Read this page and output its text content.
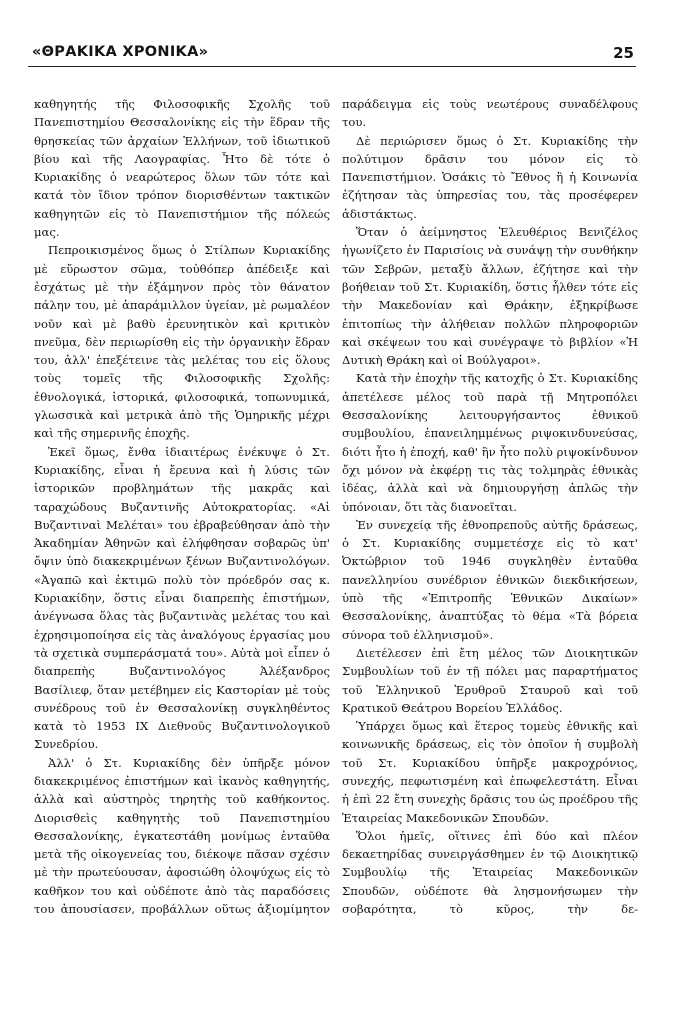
«ΘΡΑΚΙΚΑ ΧΡΟΝΙΚΑ»	25

καθηγητής τῆς Φιλοσοφικῆς Σχολῆς τοῦ Πανεπιστημίου Θεσσαλονίκης εἰς τὴν ἕδραν τῆς θρησκείας τῶν ἀρχαίων Ἑλλήνων, τοῦ ἰδιωτικοῦ βίου καὶ τῆς Λαογραφίας. Ἦτο δὲ τότε ὁ Κυριακίδης ὁ νεαρώτερος ὅλων τῶν τότε καὶ κατά τὸν ἴδιον τρόπον διορισθέντων τακτικῶν καθηγητῶν εἰς τὸ Πανεπιστήμιον τῆς πόλεώς μας.

Πεπροικισμένος ὅμως ὁ Στίλπων Κυριακίδης μὲ εὔρωστον σῶμα, τοὐθόπερ ἀπέδειξε καὶ ἐσχάτως μὲ τὴν ἐξάμηνον πρὸς τὸν θάνατον πάλην του, μὲ ἀπαράμιλλον ὑγείαν, μὲ ρωμαλέον νοῦν καὶ μὲ βαθὺ ἐρευνητικὸν καὶ κριτικὸν πνεῦμα, δὲν περιωρίσθη εἰς τὴν ὀργανικὴν ἕδραν του, ἀλλ' ἐπεξέτεινε τὰς μελέτας του εἰς ὅλους τοὺς τομεῖς τῆς Φιλοσοφικῆς Σχολῆς: ἐθνολογικά, ἱστορικά, φιλοσοφικά, τοπωνυμικά, γλωσσικὰ καὶ μετρικὰ ἀπὸ τῆς Ὁμηρικῆς μέχρι καὶ τῆς σημερινῆς ἐποχῆς.

Ἐκεῖ ὅμως, ἔνθα ἰδιαιτέρως ἐνέκυψε ὁ Στ. Κυριακίδης, εἶναι ἡ ἔρευνα καὶ ἡ λύσις τῶν ἱστορικῶν προβλημάτων τῆς μακρᾶς καὶ ταραχώδους Βυζαντινῆς Αὐτοκρατορίας. «Αἱ Βυζαντιναὶ Μελέται» του ἐβραβεύθησαν ἀπὸ τὴν Ἀκαδημίαν Ἀθηνῶν καὶ ἐλήφθησαν σοβαρῶς ὑπ' ὄψιν ὑπὸ διακεκριμένων ξένων Βυζαντινολόγων. «Ἀγαπῶ καὶ ἐκτιμῶ πολὺ τὸν πρόεδρόν σας κ. Κυριακίδην, ὅστις εἶναι διαπρεπὴς ἐπιστήμων, ἀνέγνωσα ὅλας τὰς βυζαντινὰς μελέτας του καὶ ἐχρησιμοποίησα εἰς τὰς ἀναλόγους ἐργασίας μου τὰ σχετικὰ συμπεράσματά του». Αὐτὰ μοὶ εἶπεν ὁ διαπρεπὴς Βυζαντινολόγος Ἀλέξανδρος Βασίλιεφ, ὅταν μετέβημεν εἰς Καστορίαν μὲ τοὺς συνέδρους τοῦ ἐν Θεσσαλονίκῃ συγκληθέντος κατὰ τὸ 1953 IX Διεθνοῦς Βυζαντινολογικοῦ Συνεδρίου.

Ἀλλ' ὁ Στ. Κυριακίδης δὲν ὑπῆρξε μόνον διακεκριμένος ἐπιστήμων καὶ ἱκανὸς καθηγητής, ἀλλὰ καὶ αὐστηρὸς τηρητὴς τοῦ καθήκοντος. Διορισθεὶς καθηγητὴς τοῦ Πανεπιστημίου Θεσσαλονίκης, ἐγκατεστάθη μονίμως ἐνταῦθα μετὰ τῆς οἰκογενείας του, διέκοψε πᾶσαν σχέσιν μὲ τὴν πρωτεύουσαν, ἀφοσιώθη ὁλοψύχως εἰς τὸ καθῆκον του καὶ οὐδέποτε ἀπὸ τὰς παραδόσεις του ἀπουσίασεν, προβάλλων οὕτως ἀξιομίμητον

παράδειγμα εἰς τοὺς νεωτέρους συναδέλφους του.

Δὲ περιώρισεν ὅμως ὁ Στ. Κυριακίδης τὴν πολύτιμον δρᾶσιν του μόνον εἰς τὸ Πανεπιστήμιον. Ὁσάκις τὸ Ἔθνος ἢ ἡ Κοινωνία ἐζήτησαν τὰς ὑπηρεσίας του, τὰς προσέφερεν ἀδιστάκτως.

Ὅταν ὁ ἀείμνηστος Ἐλευθέριος Βενιζέλος ἠγωνίζετο ἐν Παρισίοις νὰ συνάψῃ τὴν συνθήκην τῶν Σεβρῶν, μεταξὺ ἄλλων, ἐζήτησε καὶ τὴν βοήθειαν τοῦ Στ. Κυριακίδη, ὅστις ἦλθεν τότε εἰς τὴν Μακεδονίαν καὶ Θράκην, ἐξηκρίβωσε ἐπιτοπίως τὴν ἀλήθειαν πολλῶν πληροφοριῶν καὶ σκέψεων του καὶ συνέγραψε τὸ βιβλίον «Ἡ Δυτικὴ Θράκη καὶ οἱ Βούλγαροι».

Κατὰ τὴν ἐποχὴν τῆς κατοχῆς ὁ Στ. Κυριακίδης ἀπετέλεσε μέλος τοῦ παρὰ τῇ Μητροπόλει Θεσσαλονίκης λειτουργήσαντος ἐθνικοῦ συμβουλίου, ἐπανειλημμένως ριψοκινδυνεύσας, διότι ἦτο ἡ ἐποχή, καθ' ἣν ἦτο πολὺ ριψοκίνδυνον ὄχι μόνον νὰ ἐκφέρῃ τις τὰς τολμηρὰς ἐθνικὰς ἰδέας, ἀλλὰ καὶ νὰ δημιουργήσῃ ἁπλῶς τὴν ὑπόνοιαν, ὅτι τὰς διανοεῖται.

Ἐν συνεχείᾳ τῆς ἐθνοπρεποῦς αὐτῆς δράσεως, ὁ Στ. Κυριακίδης συμμετέσχε εἰς τὸ κατ' Ὀκτώβριον τοῦ 1946 συγκληθὲν ἐνταῦθα πανελληνίου συνέδριον ἐθνικῶν διεκδικήσεων, ὑπὸ τῆς «Ἐπιτροπῆς Ἐθνικῶν Δικαίων» Θεσσαλονίκης, ἀναπτύξας τὸ θέμα «Τὰ βόρεια σύνορα τοῦ ἑλληνισμοῦ».

Διετέλεσεν ἐπὶ ἔτη μέλος τῶν Διοικητικῶν Συμβουλίων τοῦ ἐν τῇ πόλει μας παραρτήματος τοῦ Ἑλληνικοῦ Ἐρυθροῦ Σταυροῦ καὶ τοῦ Κρατικοῦ Θεάτρου Βορείου Ἑλλάδος.

Ὑπάρχει ὅμως καὶ ἕτερος τομεὺς ἐθνικῆς καὶ κοινωνικῆς δράσεως, εἰς τὸν ὁποῖον ἡ συμβολὴ τοῦ Στ. Κυριακίδου ὑπῆρξε μακροχρόνιος, συνεχής, πεφωτισμένη καὶ ἐπωφελεστάτη. Εἶναι ἡ ἐπὶ 22 ἔτη συνεχὴς δρᾶσις του ὡς προέδρου τῆς Ἑταιρείας Μακεδονικῶν Σπουδῶν.

Ὅλοι ἡμεῖς, οἵτινες ἐπὶ δύο καὶ πλέον δεκαετηρίδας συνειργάσθημεν ἐν τῷ Διοικητικῷ Συμβουλίῳ τῆς Ἑταιρείας Μακεδονικῶν Σπουδῶν, οὐδέποτε θὰ λησμονήσωμεν τὴν σοβαρότητα, τὸ κῦρος, τὴν δε-
